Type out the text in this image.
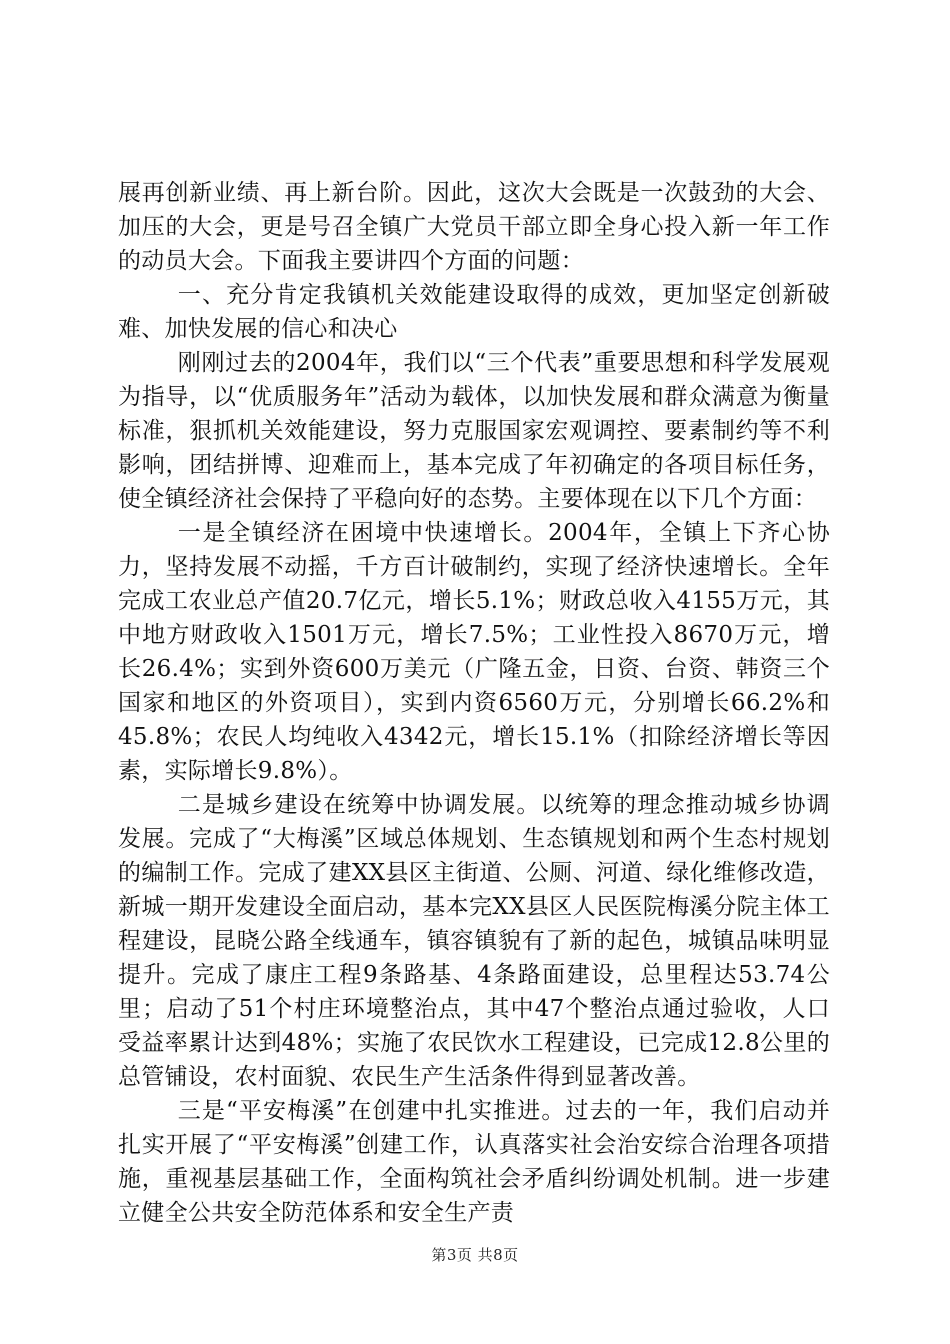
展再创新业绩、再上新台阶。因此，这次大会既是一次鼓劲的大会、加压的大会，更是号召全镇广大党员干部立即全身心投入新一年工作的动员大会。下面我主要讲四个方面的问题：

一、充分肯定我镇机关效能建设取得的成效，更加坚定创新破难、加快发展的信心和决心

刚刚过去的2004年，我们以“三个代表”重要思想和科学发展观为指导，以“优质服务年”活动为载体，以加快发展和群众满意为衡量标准，狠抓机关效能建设，努力克服国家宏观调控、要素制约等不利影响，团结拼博、迎难而上，基本完成了年初确定的各项目标任务，使全镇经济社会保持了平稳向好的态势。主要体现在以下几个方面：

一是全镇经济在困境中快速增长。2004年，全镇上下齐心协力，坚持发展不动摇，千方百计破制约，实现了经济快速增长。全年完成工农业总产值20.7亿元，增长5.1%；财政总收入4155万元，其中地方财政收入1501万元，增长7.5%；工业性投入8670万元，增长26.4%；实到外资600万美元（广隆五金，日资、台资、韩资三个国家和地区的外资项目），实到内资6560万元，分别增长66.2%和45.8%；农民人均纯收入4342元，增长15.1%（扣除经济增长等因素，实际增长9.8%）。

二是城乡建设在统筹中协调发展。以统筹的理念推动城乡协调发展。完成了“大梅溪”区域总体规划、生态镇规划和两个生态村规划的编制工作。完成了建XX县区主街道、公厕、河道、绿化维修改造，新城一期开发建设全面启动，基本完XX县区人民医院梅溪分院主体工程建设，昆晓公路全线通车，镇容镇貌有了新的起色，城镇品味明显提升。完成了康庄工程9条路基、4条路面建设，总里程达53.74公里；启动了51个村庄环境整治点，其中47个整治点通过验收，人口受益率累计达到48%；实施了农民饮水工程建设，已完成12.8公里的总管铺设，农村面貌、农民生产生活条件得到显著改善。

三是“平安梅溪”在创建中扎实推进。过去的一年，我们启动并扎实开展了“平安梅溪”创建工作，认真落实社会治安综合治理各项措施，重视基层基础工作，全面构筑社会矛盾纠纷调处机制。进一步建立健全公共安全防范体系和安全生产责

第3页 共8页
